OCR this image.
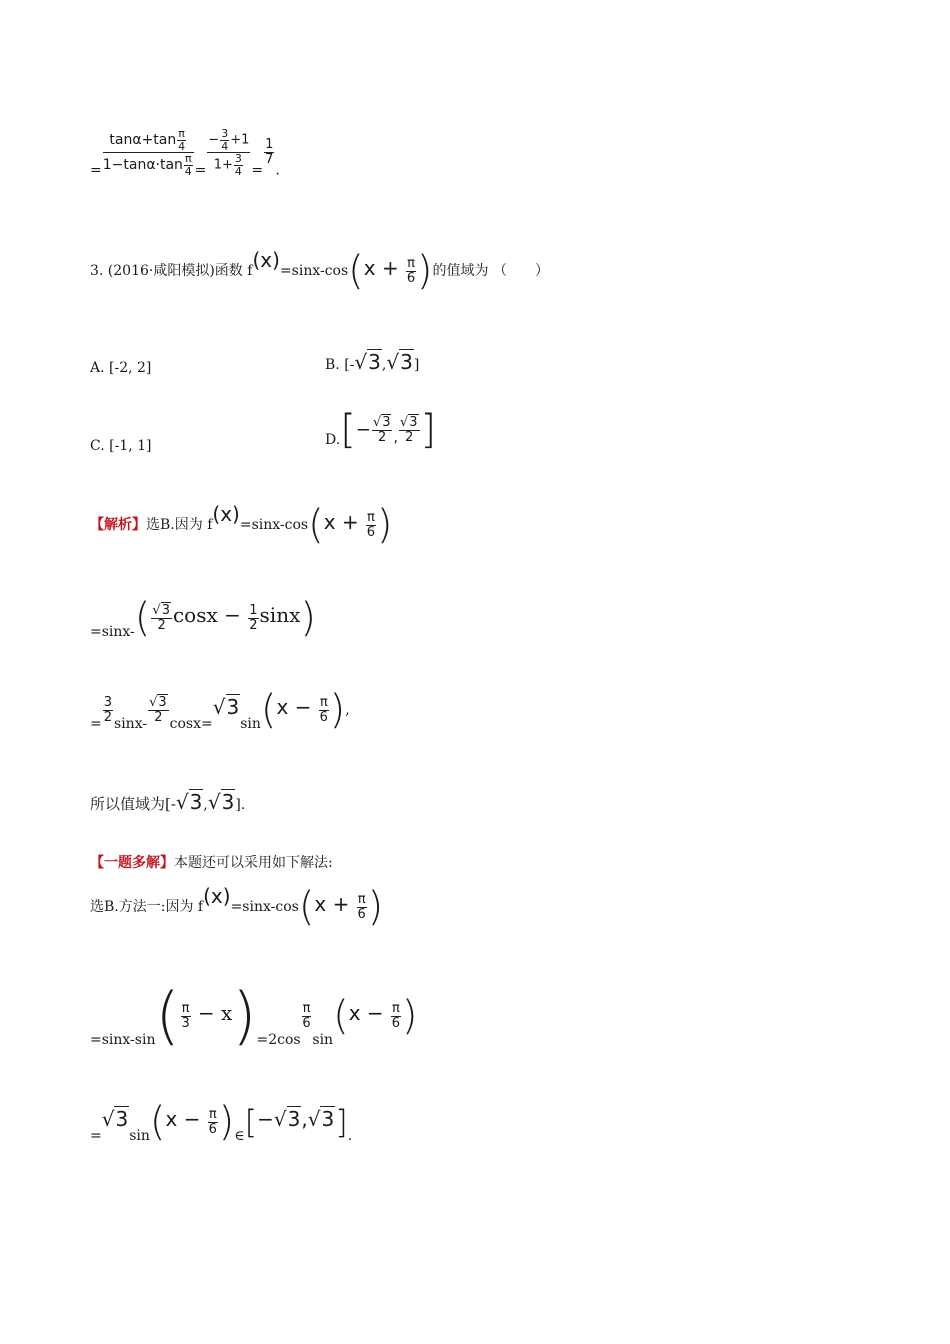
= $\frac{\tan\alpha+\tan \frac{\pi}{4}}{1-\tan\alpha\cdot\tan \frac{\pi}{4}} = \frac{- \frac{3}{4} +1}{1+ \frac{3}{4}}$ =
$\frac{1}{7}$
.
3. (2016·咸阳模拟)函数 $f(x)=\sin x-\cos(x + \frac{\pi}{6}$ )的值域为 （　　）
A. [-2, 2]	B. [-√3,√3]
C. [-1, 1]	$D.[- \frac{√3}{2}$ , $\frac{√3}{2}$ ]
【解析】选B.因为 $f(x)=\sin x-\cos(x + \frac{\pi}{6}$ )
$=\sin x-( \frac{√3}{2}$ $\cos x - \frac{1}{2} \sin x$)
= $\frac{3}{2} \sin x- \frac{√3}{2} \cos x=√3\sin(x - \frac{\pi}{6}$ ),
所以值域为[-√3,√3].
【一题多解】本题还可以采用如下解法:
选B.方法一:因为 $f(x)=\sin x-\cos(x + \frac{\pi}{6}$ )
$=\sin x-\sin( \frac{\pi}{3} - x)=2\cos$
$\frac{\pi}{6}$
$\sin(x - \frac{\pi}{6}$ )
$=√3\sin(x - \frac{\pi}{6}$ )∈[−√3,√3].
